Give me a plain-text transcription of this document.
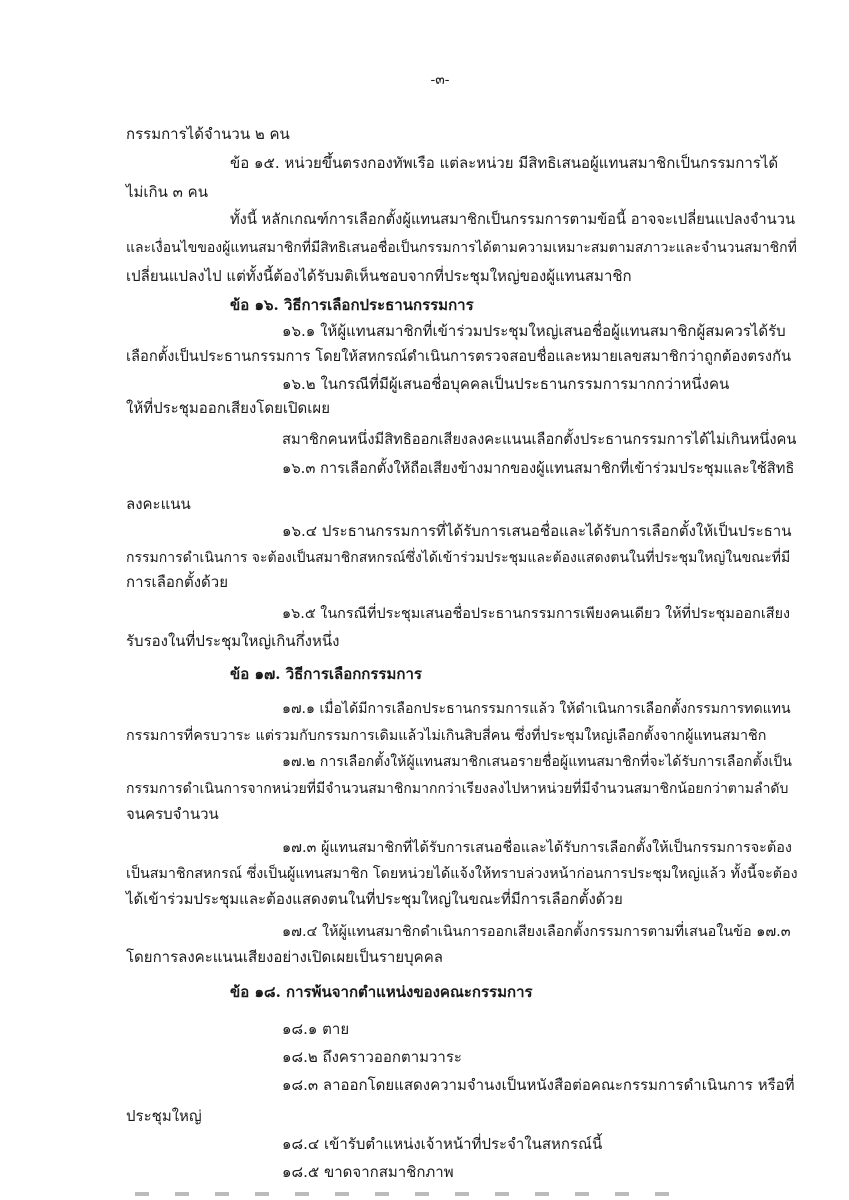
-๓-
กรรมการได้จำนวน ๒ คน
ข้อ ๑๕. หน่วยขึ้นตรงกองทัพเรือ แต่ละหน่วย มีสิทธิเสนอผู้แทนสมาชิกเป็นกรรมการได้
ไม่เกิน ๓ คน
ทั้งนี้ หลักเกณฑ์การเลือกตั้งผู้แทนสมาชิกเป็นกรรมการตามข้อนี้ อาจจะเปลี่ยนแปลงจำนวน
และเงื่อนไขของผู้แทนสมาชิกที่มีสิทธิเสนอชื่อเป็นกรรมการได้ตามความเหมาะสมตามสภาวะและจำนวนสมาชิกที่
เปลี่ยนแปลงไป แต่ทั้งนี้ต้องได้รับมติเห็นชอบจากที่ประชุมใหญ่ของผู้แทนสมาชิก
ข้อ ๑๖. วิธีการเลือกประธานกรรมการ
๑๖.๑ ให้ผู้แทนสมาชิกที่เข้าร่วมประชุมใหญ่เสนอชื่อผู้แทนสมาชิกผู้สมควรได้รับ
เลือกตั้งเป็นประธานกรรมการ โดยให้สหกรณ์ดำเนินการตรวจสอบชื่อและหมายเลขสมาชิกว่าถูกต้องตรงกัน
๑๖.๒ ในกรณีที่มีผู้เสนอชื่อบุคคลเป็นประธานกรรมการมากกว่าหนึ่งคน
ให้ที่ประชุมออกเสียงโดยเปิดเผย
สมาชิกคนหนึ่งมีสิทธิออกเสียงลงคะแนนเลือกตั้งประธานกรรมการได้ไม่เกินหนึ่งคน
๑๖.๓ การเลือกตั้งให้ถือเสียงข้างมากของผู้แทนสมาชิกที่เข้าร่วมประชุมและใช้สิทธิ
ลงคะแนน
๑๖.๔ ประธานกรรมการที่ได้รับการเสนอชื่อและได้รับการเลือกตั้งให้เป็นประธาน
กรรมการดำเนินการ จะต้องเป็นสมาชิกสหกรณ์ซึ่งได้เข้าร่วมประชุมและต้องแสดงตนในที่ประชุมใหญ่ในขณะที่มี
การเลือกตั้งด้วย
๑๖.๕ ในกรณีที่ประชุมเสนอชื่อประธานกรรมการเพียงคนเดียว ให้ที่ประชุมออกเสียง
รับรองในที่ประชุมใหญ่เกินกึ่งหนึ่ง
ข้อ ๑๗. วิธีการเลือกกรรมการ
๑๗.๑ เมื่อได้มีการเลือกประธานกรรมการแล้ว ให้ดำเนินการเลือกตั้งกรรมการทดแทน
กรรมการที่ครบวาระ แต่รวมกับกรรมการเดิมแล้วไม่เกินสิบสี่คน ซึ่งที่ประชุมใหญ่เลือกตั้งจากผู้แทนสมาชิก
๑๗.๒ การเลือกตั้งให้ผู้แทนสมาชิกเสนอรายชื่อผู้แทนสมาชิกที่จะได้รับการเลือกตั้งเป็น
กรรมการดำเนินการจากหน่วยที่มีจำนวนสมาชิกมากกว่าเรียงลงไปหาหน่วยที่มีจำนวนสมาชิกน้อยกว่าตามลำดับ
จนครบจำนวน
๑๗.๓ ผู้แทนสมาชิกที่ได้รับการเสนอชื่อและได้รับการเลือกตั้งให้เป็นกรรมการจะต้อง
เป็นสมาชิกสหกรณ์ ซึ่งเป็นผู้แทนสมาชิก โดยหน่วยได้แจ้งให้ทราบล่วงหน้าก่อนการประชุมใหญ่แล้ว ทั้งนี้จะต้อง
ได้เข้าร่วมประชุมและต้องแสดงตนในที่ประชุมใหญ่ในขณะที่มีการเลือกตั้งด้วย
๑๗.๔ ให้ผู้แทนสมาชิกดำเนินการออกเสียงเลือกตั้งกรรมการตามที่เสนอในข้อ ๑๗.๓
โดยการลงคะแนนเสียงอย่างเปิดเผยเป็นรายบุคคล
ข้อ ๑๘. การพ้นจากตำแหน่งของคณะกรรมการ
๑๘.๑ ตาย
๑๘.๒ ถึงคราวออกตามวาระ
๑๘.๓ ลาออกโดยแสดงความจำนงเป็นหนังสือต่อคณะกรรมการดำเนินการ หรือที่
ประชุมใหญ่
๑๘.๔ เข้ารับตำแหน่งเจ้าหน้าที่ประจำในสหกรณ์นี้
๑๘.๕ ขาดจากสมาชิกภาพ
